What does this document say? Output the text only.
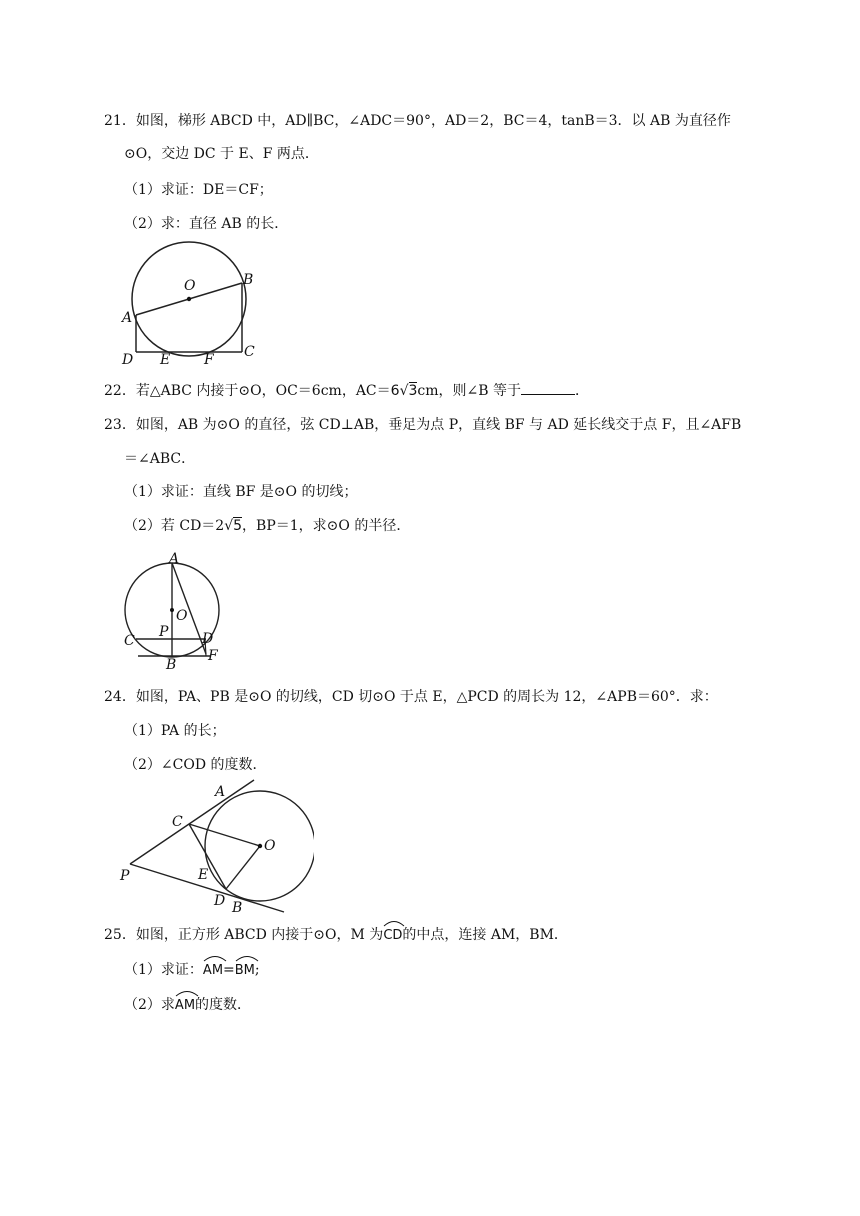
21．如图，梯形 ABCD 中，AD∥BC，∠ADC＝90°，AD＝2，BC＝4，tanB＝3．以 AB 为直径作
⊙O，交边 DC 于 E、F 两点．
（1）求证：DE＝CF；
（2）求：直径 AB 的长．
O	B
A
D E F C
22．若△ABC 内接于⊙O，OC＝6cm，AC＝6√3cm，则∠B 等于	．
23．如图，AB 为⊙O 的直径，弦 CD⊥AB，垂足为点 P，直线 BF 与 AD 延长线交于点 F，且∠AFB
＝∠ABC．
（1）求证：直线 BF 是⊙O 的切线；
（2）若 CD＝2√5，BP＝1，求⊙O 的半径．
A
O
P
C	D
F
B
24．如图，PA、PB 是⊙O 的切线，CD 切⊙O 于点 E，△PCD 的周长为 12，∠APB＝60°．求：
（1）PA 的长；
（2）∠COD 的度数．
A
C
O
P	E
D B
25．如图，正方形 ABCD 内接于⊙O，M 为
CD的中点，连接 AM，BM．
（1）求证：
AM=
BM;
（2）求
AM的度数．
